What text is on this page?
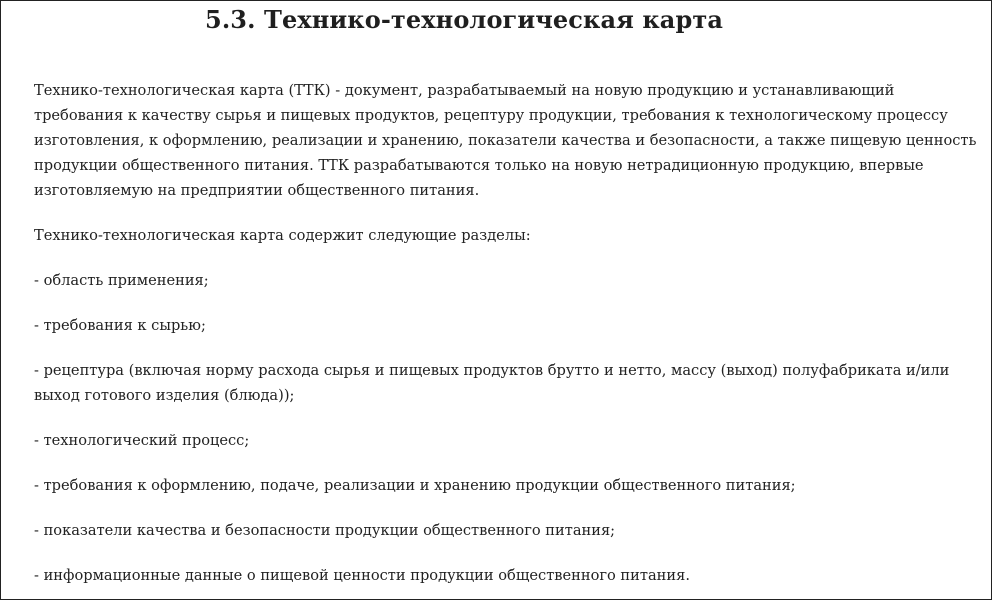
5.3. Технико-технологическая карта

Технико-технологическая карта (ТТК) - документ, разрабатываемый на новую продукцию и устанавливающий требования к качеству сырья и пищевых продуктов, рецептуру продукции, требования к технологическому процессу изготовления, к оформлению, реализации и хранению, показатели качества и безопасности, а также пищевую ценность продукции общественного питания. ТТК разрабатываются только на новую нетрадиционную продукцию, впервые изготовляемую на предприятии общественного питания.

Технико-технологическая карта содержит следующие разделы:

- область применения;

- требования к сырью;

- рецептура (включая норму расхода сырья и пищевых продуктов брутто и нетто, массу (выход) полуфабриката и/или выход готового изделия (блюда));

- технологический процесс;

- требования к оформлению, подаче, реализации и хранению продукции общественного питания;

- показатели качества и безопасности продукции общественного питания;

- информационные данные о пищевой ценности продукции общественного питания.
